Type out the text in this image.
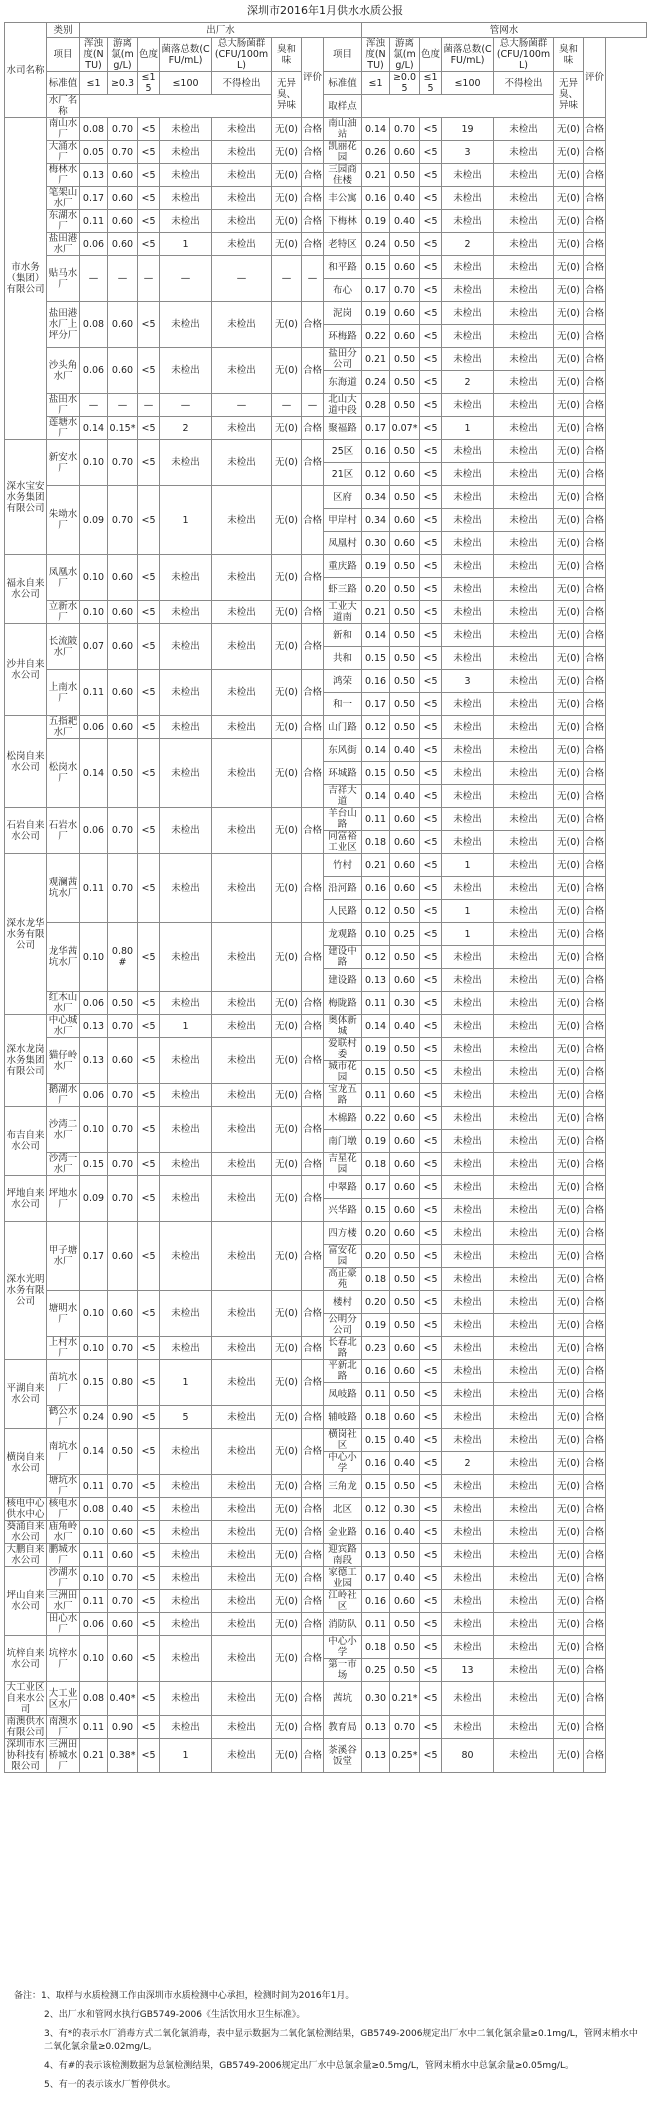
深圳市2016年1月供水水质公报
水司名称	类别	出厂水								管网水						
	项目	浑浊度(NTU)	游离氯(mg/L)	色度	菌落总数(CFU/mL)	总大肠菌群(CFU/100mL)	臭和味	评价	项目	浑浊度(NTU)	游离氯(mg/L)	色度	菌落总数(CFU/mL)	总大肠菌群(CFU/100mL)	臭和味	评价
	标准值	≤1	≥0.3	≤15	≤100	不得检出	无异臭、异味		标准值	≤1	≥0.05	≤15	≤100	不得检出	无异臭、异味	
	水厂名称								取样点							
市水务（集团）有限公司	南山水厂	0.08	0.70	<5	未检出	未检出	无(0)	合格	南山油站	0.14	0.70	<5	19	未检出	无(0)	合格
	大涌水厂	0.05	0.70	<5	未检出	未检出	无(0)	合格	凯丽花园	0.26	0.60	<5	3	未检出	无(0)	合格
	梅林水厂	0.13	0.60	<5	未检出	未检出	无(0)	合格	三园商住楼	0.21	0.50	<5	未检出	未检出	无(0)	合格
	笔架山水厂	0.17	0.60	<5	未检出	未检出	无(0)	合格	丰公寓	0.16	0.40	<5	未检出	未检出	无(0)	合格
	东湖水厂	0.11	0.60	<5	未检出	未检出	无(0)	合格	下梅林	0.19	0.40	<5	未检出	未检出	无(0)	合格
	盐田港水厂	0.06	0.60	<5	1	未检出	无(0)	合格	老特区	0.24	0.50	<5	2	未检出	无(0)	合格
	贴马水厂	—	—	—	—	—	—	—	和平路	0.15	0.60	<5	未检出	未检出	无(0)	合格
									布心	0.17	0.70	<5	未检出	未检出	无(0)	合格
	盐田港水厂上坪分厂	0.08	0.60	<5	未检出	未检出	无(0)	合格	泥岗	0.19	0.60	<5	未检出	未检出	无(0)	合格
									环梅路	0.22	0.60	<5	未检出	未检出	无(0)	合格
	沙头角水厂	0.06	0.60	<5	未检出	未检出	无(0)	合格	盐田分公司	0.21	0.50	<5	未检出	未检出	无(0)	合格
									东海道	0.24	0.50	<5	2	未检出	无(0)	合格
	盐田水厂	—	—	—	—	—	—	—	北山大道中段	0.28	0.50	<5	未检出	未检出	无(0)	合格
	莲塘水厂	0.14	0.15*	<5	2	未检出	无(0)	合格	聚福路	0.17	0.07*	<5	1	未检出	无(0)	合格
深水宝安水务集团有限公司	新安水厂	0.10	0.70	<5	未检出	未检出	无(0)	合格	25区	0.16	0.50	<5	未检出	未检出	无(0)	合格
									21区	0.12	0.60	<5	未检出	未检出	无(0)	合格
	朱坳水厂	0.09	0.70	<5	1	未检出	无(0)	合格	区府	0.34	0.50	<5	未检出	未检出	无(0)	合格
									甲岸村	0.34	0.60	<5	未检出	未检出	无(0)	合格
									凤凰村	0.30	0.60	<5	未检出	未检出	无(0)	合格
福永自来水公司	凤凰水厂	0.10	0.60	<5	未检出	未检出	无(0)	合格	重庆路	0.19	0.50	<5	未检出	未检出	无(0)	合格
									虾三路	0.20	0.50	<5	未检出	未检出	无(0)	合格
	立新水厂	0.10	0.60	<5	未检出	未检出	无(0)	合格	工业大道南	0.21	0.50	<5	未检出	未检出	无(0)	合格
沙井自来水公司	长流陂水厂	0.07	0.60	<5	未检出	未检出	无(0)	合格	新和	0.14	0.50	<5	未检出	未检出	无(0)	合格
									共和	0.15	0.50	<5	未检出	未检出	无(0)	合格
	上南水厂	0.11	0.60	<5	未检出	未检出	无(0)	合格	鸿荣	0.16	0.50	<5	3	未检出	无(0)	合格
									和一	0.17	0.50	<5	未检出	未检出	无(0)	合格
松岗自来水公司	五指耙水厂	0.06	0.60	<5	未检出	未检出	无(0)	合格	山门路	0.12	0.50	<5	未检出	未检出	无(0)	合格
	松岗水厂	0.14	0.50	<5	未检出	未检出	无(0)	合格	东风街	0.14	0.40	<5	未检出	未检出	无(0)	合格
									环城路	0.15	0.50	<5	未检出	未检出	无(0)	合格
									吉祥大道	0.14	0.40	<5	未检出	未检出	无(0)	合格
石岩自来水公司	石岩水厂	0.06	0.70	<5	未检出	未检出	无(0)	合格	羊台山路	0.11	0.60	<5	未检出	未检出	无(0)	合格
									同富裕工业区	0.18	0.60	<5	未检出	未检出	无(0)	合格
深水龙华水务有限公司	观澜茜坑水厂	0.11	0.70	<5	未检出	未检出	无(0)	合格	竹村	0.21	0.60	<5	1	未检出	无(0)	合格
									沿河路	0.16	0.60	<5	未检出	未检出	无(0)	合格
									人民路	0.12	0.50	<5	1	未检出	无(0)	合格
	龙华茜坑水厂	0.10	0.80#	<5	未检出	未检出	无(0)	合格	龙观路	0.10	0.25	<5	1	未检出	无(0)	合格
									建设中路	0.12	0.50	<5	未检出	未检出	无(0)	合格
									建设路	0.13	0.60	<5	未检出	未检出	无(0)	合格
	红木山水厂	0.06	0.50	<5	未检出	未检出	无(0)	合格	梅陇路	0.11	0.30	<5	未检出	未检出	无(0)	合格
深水龙岗水务集团有限公司	中心城水厂	0.13	0.70	<5	1	未检出	无(0)	合格	奥体新城	0.14	0.40	<5	未检出	未检出	无(0)	合格
	猫仔岭水厂	0.13	0.60	<5	未检出	未检出	无(0)	合格	爱联村委	0.19	0.50	<5	未检出	未检出	无(0)	合格
									城市花园	0.15	0.50	<5	未检出	未检出	无(0)	合格
	鹅湖水厂	0.06	0.70	<5	未检出	未检出	无(0)	合格	宝龙五路	0.11	0.60	<5	未检出	未检出	无(0)	合格
布吉自来水公司	沙湾二水厂	0.10	0.70	<5	未检出	未检出	无(0)	合格	木棉路	0.22	0.60	<5	未检出	未检出	无(0)	合格
									南门墩	0.19	0.60	<5	未检出	未检出	无(0)	合格
	沙湾一水厂	0.15	0.70	<5	未检出	未检出	无(0)	合格	吉星花园	0.18	0.60	<5	未检出	未检出	无(0)	合格
坪地自来水公司	坪地水厂	0.09	0.70	<5	未检出	未检出	无(0)	合格	中翠路	0.17	0.60	<5	未检出	未检出	无(0)	合格
									兴华路	0.15	0.60	<5	未检出	未检出	无(0)	合格
深水光明水务有限公司	甲子塘水厂	0.17	0.60	<5	未检出	未检出	无(0)	合格	四方楼	0.20	0.60	<5	未检出	未检出	无(0)	合格
									富安花园	0.20	0.50	<5	未检出	未检出	无(0)	合格
									高正豪苑	0.18	0.50	<5	未检出	未检出	无(0)	合格
	塘明水厂	0.10	0.60	<5	未检出	未检出	无(0)	合格	楼村	0.20	0.50	<5	未检出	未检出	无(0)	合格
									公明分公司	0.19	0.50	<5	未检出	未检出	无(0)	合格
	上村水厂	0.10	0.70	<5	未检出	未检出	无(0)	合格	长春北路	0.23	0.60	<5	未检出	未检出	无(0)	合格
平湖自来水公司	苗坑水厂	0.15	0.80	<5	1	未检出	无(0)	合格	平新北路	0.16	0.60	<5	未检出	未检出	无(0)	合格
									凤岐路	0.11	0.50	<5	未检出	未检出	无(0)	合格
	鹤公水厂	0.24	0.90	<5	5	未检出	无(0)	合格	辅岐路	0.18	0.60	<5	未检出	未检出	无(0)	合格
横岗自来水公司	南坑水厂	0.14	0.50	<5	未检出	未检出	无(0)	合格	横岗社区	0.15	0.40	<5	未检出	未检出	无(0)	合格
									中心小学	0.16	0.40	<5	2	未检出	无(0)	合格
	塘坑水厂	0.11	0.70	<5	未检出	未检出	无(0)	合格	三角龙	0.15	0.50	<5	未检出	未检出	无(0)	合格
核电中心供水中心	核电水厂	0.08	0.40	<5	未检出	未检出	无(0)	合格	北区	0.12	0.30	<5	未检出	未检出	无(0)	合格
葵涌自来水公司	庙角岭水厂	0.10	0.60	<5	未检出	未检出	无(0)	合格	金业路	0.16	0.40	<5	未检出	未检出	无(0)	合格
大鹏自来水公司	鹏城水厂	0.11	0.60	<5	未检出	未检出	无(0)	合格	迎宾路南段	0.13	0.50	<5	未检出	未检出	无(0)	合格
坪山自来水公司	沙湖水厂	0.10	0.70	<5	未检出	未检出	无(0)	合格	家德工业园	0.17	0.40	<5	未检出	未检出	无(0)	合格
	三洲田水厂	0.11	0.70	<5	未检出	未检出	无(0)	合格	江岭社区	0.16	0.60	<5	未检出	未检出	无(0)	合格
	田心水厂	0.06	0.60	<5	未检出	未检出	无(0)	合格	消防队	0.11	0.50	<5	未检出	未检出	无(0)	合格
坑梓自来水公司	坑梓水厂	0.10	0.60	<5	未检出	未检出	无(0)	合格	中心小学	0.18	0.50	<5	未检出	未检出	无(0)	合格
									第一市场	0.25	0.50	<5	13	未检出	无(0)	合格
大工业区自来水公司	大工业区水厂	0.08	0.40*	<5	未检出	未检出	无(0)	合格	茜坑	0.30	0.21*	<5	未检出	未检出	无(0)	合格
南澳供水有限公司	南澳水厂	0.11	0.90	<5	未检出	未检出	无(0)	合格	教育局	0.13	0.70	<5	未检出	未检出	无(0)	合格
深圳市水协科技有限公司	三洲田桥城水厂	0.21	0.38*	<5	1	未检出	无(0)	合格	茶溪谷饭堂	0.13	0.25*	<5	80	未检出	无(0)	合格

备注：1、取样与水质检测工作由深圳市水质检测中心承担，检测时间为2016年1月。

2、出厂水和管网水执行GB5749-2006《生活饮用水卫生标准》。

3、有*的表示水厂消毒方式二氧化氯消毒，表中显示数据为二氧化氯检测结果，GB5749-2006规定出厂水中二氧化氯余量≥0.1mg/L，管网末梢水中二氧化氯余量≥0.02mg/L。

4、有#的表示该检测数据为总氯检测结果，GB5749-2006规定出厂水中总氯余量≥0.5mg/L，管网末梢水中总氯余量≥0.05mg/L。

5、有一的表示该水厂暂停供水。
